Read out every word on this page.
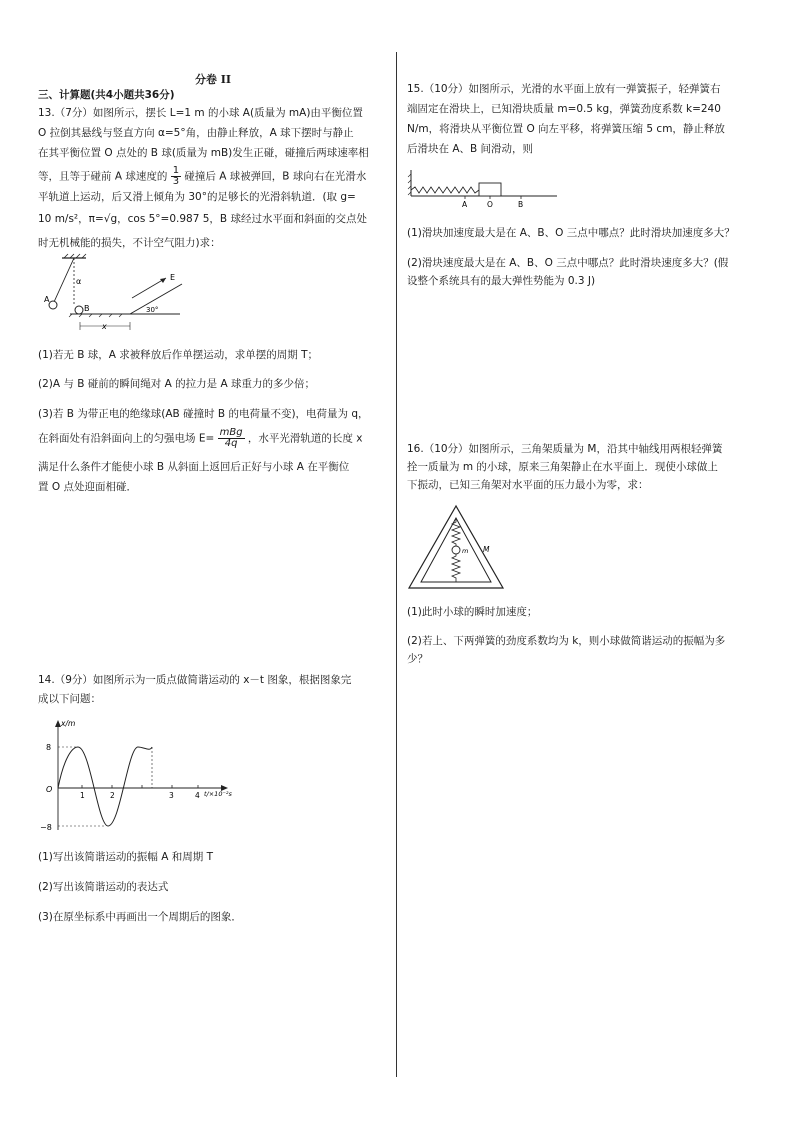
分卷 II

三、计算题(共4小题共36分)

13.（7分）如图所示，摆长 L=1 m 的小球 A(质量为 mA)由平衡位置

O 拉倒其悬线与竖直方向 α=5°角，由静止释放，A 球下摆时与静止

在其平衡位置 O 点处的 B 球(质量为 mB)发生正碰，碰撞后两球速率相

等，且等于碰前 A 球速度的 $\frac{1}{3}$ 碰撞后 A 球被弹回，B 球向右在光滑水

平轨道上运动，后又滑上倾角为 30°的足够长的光滑斜轨道．(取 g=

10 m/s²，π=√g，cos 5°=0.987 5，B 球经过水平面和斜面的交点处

时无机械能的损失，不计空气阻力)求：

α
A
B
E
30°
x

(1)若无 B 球，A 求被释放后作单摆运动，求单摆的周期 T；

(2)A 与 B 碰前的瞬间绳对 A 的拉力是 A 球重力的多少倍；

(3)若 B 为带正电的绝缘球(AB 碰撞时 B 的电荷量不变)，电荷量为 q，

在斜面处有沿斜面向上的匀强电场 $E= \frac{\text{mBg}}{4q}$ ，水平光滑轨道的长度 x

满足什么条件才能使小球 B 从斜面上返回后正好与小球 A 在平衡位

置 O 点处迎面相碰．

14.（9分）如图所示为一质点做简谐运动的 x－t 图象，根据图象完

成以下问题：

x/m
t/×10⁻²s
8
−8
O
1	2	3	4

(1)写出该简谐运动的振幅 A 和周期 T

(2)写出该简谐运动的表达式

(3)在原坐标系中再画出一个周期后的图象．

15.（10分）如图所示，光滑的水平面上放有一弹簧振子，轻弹簧右

端固定在滑块上，已知滑块质量 m=0.5 kg，弹簧劲度系数 k=240

N/m，将滑块从平衡位置 O 向左平移，将弹簧压缩 5 cm，静止释放

后滑块在 A、B 间滑动，则

A	O	B

(1)滑块加速度最大是在 A、B、O 三点中哪点？此时滑块加速度多大？

(2)滑块速度最大是在 A、B、O 三点中哪点？此时滑块速度多大？(假

设整个系统具有的最大弹性势能为 0.3 J)

16.（10分）如图所示，三角架质量为 M，沿其中轴线用两根轻弹簧

拴一质量为 m 的小球，原来三角架静止在水平面上．现使小球做上

下振动，已知三角架对水平面的压力最小为零，求：

m M

(1)此时小球的瞬时加速度；

(2)若上、下两弹簧的劲度系数均为 k，则小球做简谐运动的振幅为多

少？
